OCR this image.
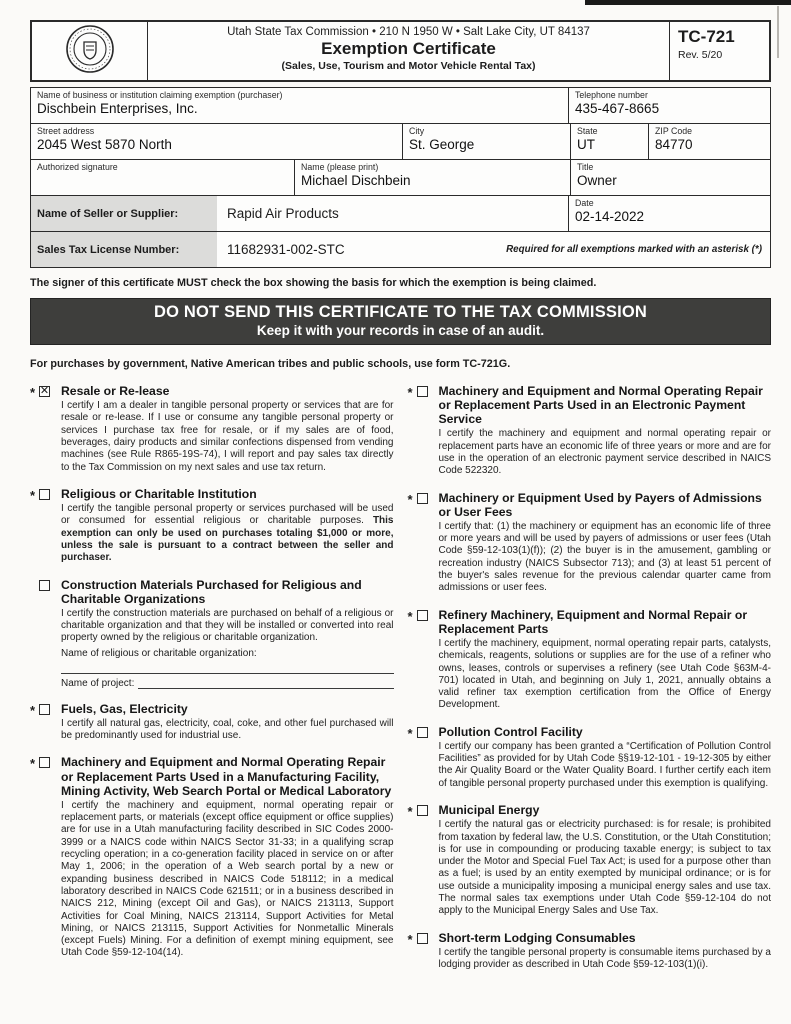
Utah State Tax Commission • 210 N 1950 W • Salt Lake City, UT 84137
Exemption Certificate
(Sales, Use, Tourism and Motor Vehicle Rental Tax)
TC-721
Rev. 5/20
Name of business or institution claiming exemption (purchaser)
Dischbein Enterprises, Inc.
Telephone number
435-467-8665
Street address
2045 West 5870 North
City
St. George
State
UT
ZIP Code
84770
Authorized signature	Name (please print)
Michael Dischbein
Title
Owner
Name of Seller or Supplier:	Rapid Air Products
Date
02-14-2022
Sales Tax License Number:	11682931-002-STC	Required for all exemptions marked with an asterisk (*)
The signer of this certificate MUST check the box showing the basis for which the exemption is being claimed.
DO NOT SEND THIS CERTIFICATE TO THE TAX COMMISSION
Keep it with your records in case of an audit.
For purchases by government, Native American tribes and public schools, use form TC-721G.
* ✕ Resale or Re-lease
I certify I am a dealer in tangible personal property or services that are for resale or re-lease. If I use or consume any tangible personal property or services I purchase tax free for resale, or if my sales are of food, beverages, dairy products and similar confections dispensed from vending machines (see Rule R865-19S-74), I will report and pay sales tax directly to the Tax Commission on my next sales and use tax return.
*	Religious or Charitable Institution
I certify the tangible personal property or services purchased will be used or consumed for essential religious or charitable purposes. This exemption can only be used on purchases totaling $1,000 or more, unless the sale is pursuant to a contract between the seller and purchaser.
Construction Materials Purchased for Religious and Charitable Organizations
I certify the construction materials are purchased on behalf of a religious or charitable organization and that they will be installed or converted into real property owned by the religious or charitable organization.
Name of religious or charitable organization:
Name of project:
*	Fuels, Gas, Electricity
I certify all natural gas, electricity, coal, coke, and other fuel purchased will be predominantly used for industrial use.
*	Machinery and Equipment and Normal Operating Repair or Replacement Parts Used in a Manufacturing Facility, Mining Activity, Web Search Portal or Medical Laboratory
I certify the machinery and equipment, normal operating repair or replacement parts, or materials (except office equipment or office supplies) are for use in a Utah manufacturing facility described in SIC Codes 2000-3999 or a NAICS code within NAICS Sector 31-33; in a qualifying scrap recycling operation; in a co-generation facility placed in service on or after May 1, 2006; in the operation of a Web search portal by a new or expanding business described in NAICS Code 518112; in a medical laboratory described in NAICS Code 621511; or in a business described in NAICS 212, Mining (except Oil and Gas), or NAICS 213113, Support Activities for Coal Mining, NAICS 213114, Support Activities for Metal Mining, or NAICS 213115, Support Activities for Nonmetallic Minerals (except Fuels) Mining. For a definition of exempt mining equipment, see Utah Code §59-12-104(14).
*	Machinery and Equipment and Normal Operating Repair or Replacement Parts Used in an Electronic Payment Service
I certify the machinery and equipment and normal operating repair or replacement parts have an economic life of three years or more and are for use in the operation of an electronic payment service described in NAICS Code 522320.
*	Machinery or Equipment Used by Payers of Admissions or User Fees
I certify that: (1) the machinery or equipment has an economic life of three or more years and will be used by payers of admissions or user fees (Utah Code §59-12-103(1)(f)); (2) the buyer is in the amusement, gambling or recreation industry (NAICS Subsector 713); and (3) at least 51 percent of the buyer's sales revenue for the previous calendar quarter came from admissions or user fees.
*	Refinery Machinery, Equipment and Normal Repair or Replacement Parts
I certify the machinery, equipment, normal operating repair parts, catalysts, chemicals, reagents, solutions or supplies are for the use of a refiner who owns, leases, controls or supervises a refinery (see Utah Code §63M-4-701) located in Utah, and beginning on July 1, 2021, annually obtains a valid refiner tax exemption certification from the Office of Energy Development.
*	Pollution Control Facility
I certify our company has been granted a “Certification of Pollution Control Facilities” as provided for by Utah Code §§19-12-101 - 19-12-305 by either the Air Quality Board or the Water Quality Board. I further certify each item of tangible personal property purchased under this exemption is qualifying.
*	Municipal Energy
I certify the natural gas or electricity purchased: is for resale; is prohibited from taxation by federal law, the U.S. Constitution, or the Utah Constitution; is for use in compounding or producing taxable energy; is subject to tax under the Motor and Special Fuel Tax Act; is used for a purpose other than as a fuel; is used by an entity exempted by municipal ordinance; or is for use outside a municipality imposing a municipal energy sales and use tax. The normal sales tax exemptions under Utah Code §59-12-104 do not apply to the Municipal Energy Sales and Use Tax.
*	Short-term Lodging Consumables
I certify the tangible personal property is consumable items purchased by a lodging provider as described in Utah Code §59-12-103(1)(i).
